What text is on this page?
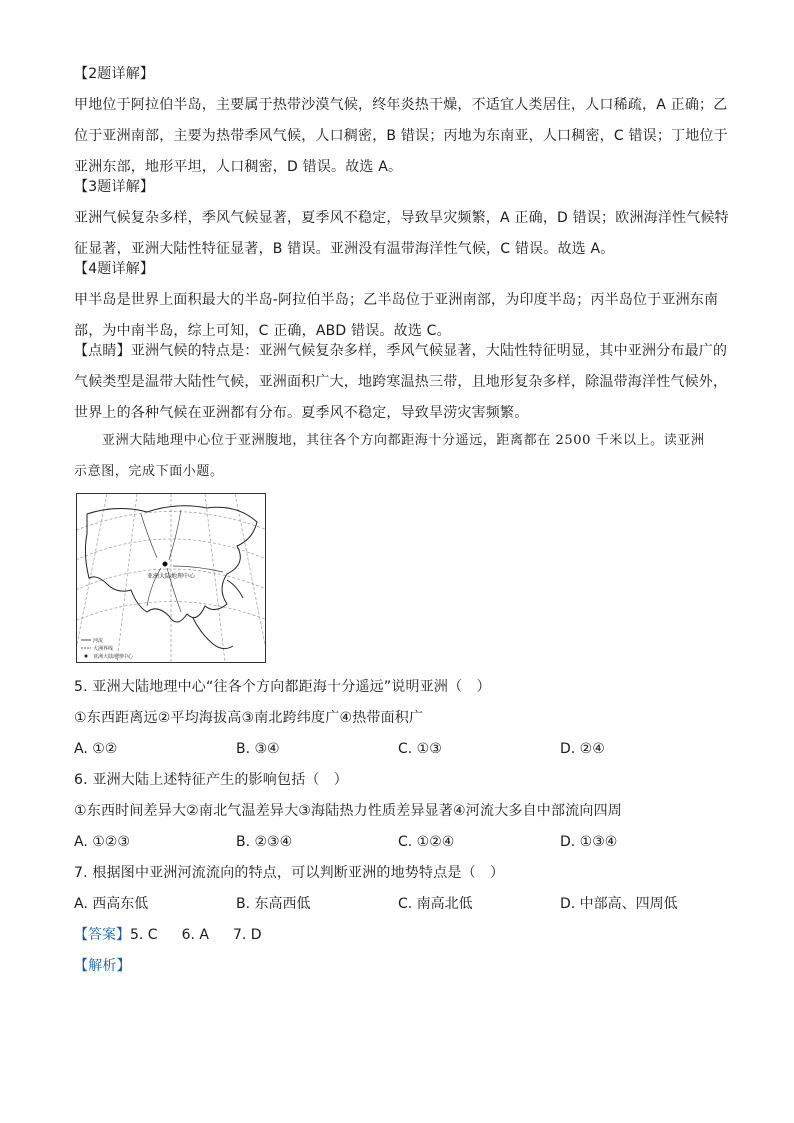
【2题详解】
甲地位于阿拉伯半岛，主要属于热带沙漠气候，终年炎热干燥，不适宜人类居住，人口稀疏，A 正确；乙
位于亚洲南部，主要为热带季风气候，人口稠密，B 错误；丙地为东南亚，人口稠密，C 错误；丁地位于
亚洲东部，地形平坦，人口稠密，D 错误。故选 A。
【3题详解】
亚洲气候复杂多样，季风气候显著，夏季风不稳定，导致旱灾频繁，A 正确，D 错误；欧洲海洋性气候特
征显著，亚洲大陆性特征显著，B 错误。亚洲没有温带海洋性气候，C 错误。故选 A。
【4题详解】
甲半岛是世界上面积最大的半岛-阿拉伯半岛；乙半岛位于亚洲南部，为印度半岛；丙半岛位于亚洲东南
部，为中南半岛，综上可知，C 正确，ABD 错误。故选 C。
【点睛】亚洲气候的特点是：亚洲气候复杂多样，季风气候显著，大陆性特征明显，其中亚洲分布最广的
气候类型是温带大陆性气候，亚洲面积广大，地跨寒温热三带，且地形复杂多样，除温带海洋性气候外，
世界上的各种气候在亚洲都有分布。夏季风不稳定，导致旱涝灾害频繁。
亚洲大陆地理中心位于亚洲腹地，其往各个方向都距海十分遥远，距离都在 2500 千米以上。读亚洲
示意图，完成下面小题。
亚洲大陆地理中心
河流
大洲界线
亚洲大陆地理中心
5. 亚洲大陆地理中心“往各个方向都距海十分遥远”说明亚洲（　）
①东西距离远②平均海拔高③南北跨纬度广④热带面积广
A. ①②	B. ③④	C. ①③	D. ②④
6. 亚洲大陆上述特征产生的影响包括（　）
①东西时间差异大②南北气温差异大③海陆热力性质差异显著④河流大多自中部流向四周
A. ①②③	B. ②③④	C. ①②④	D. ①③④
7. 根据图中亚洲河流流向的特点，可以判断亚洲的地势特点是（　）
A. 西高东低	B. 东高西低	C. 南高北低	D. 中部高、四周低
【答案】5. C 6. A 7. D
【解析】
